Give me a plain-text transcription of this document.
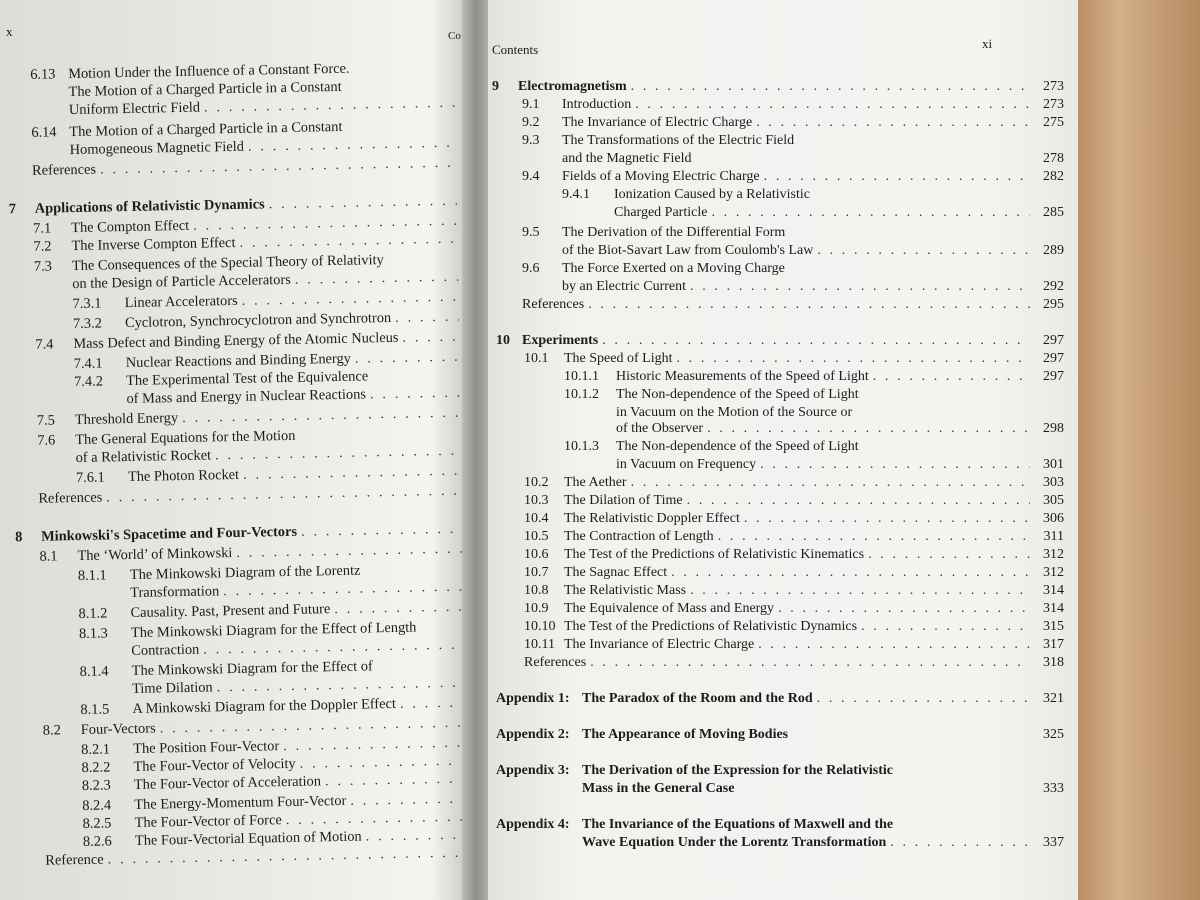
x	Co
6.13 Motion Under the Influence of a Constant Force.
The Motion of a Charged Particle in a Constant
Uniform Electric Field
. . .
6.14 The Motion of a Charged Particle in a Constant
Homogeneous Magnetic Field
. . .
References
. . .
7	Applications of Relativistic Dynamics
. . .
7.1	The Compton Effect
. . .
7.2	The Inverse Compton Effect
. . .
7.3 The Consequences of the Special Theory of Relativity
on the Design of Particle Accelerators
. . .
7.3.1	Linear Accelerators
. . .
7.3.2	Cyclotron, Synchrocyclotron and Synchrotron
. . .
7.4	Mass Defect and Binding Energy of the Atomic Nucleus
. . .
7.4.1	Nuclear Reactions and Binding Energy
. . .
7.4.2 The Experimental Test of the Equivalence
of Mass and Energy in Nuclear Reactions
. . .
7.5	Threshold Energy
. . .
7.6 The General Equations for the Motion
of a Relativistic Rocket
. . .
7.6.1	The Photon Rocket
. . .
References
. . .
8	Minkowski's Spacetime and Four-Vectors
. . .
8.1	The ‘World’ of Minkowski
. . .
8.1.1 The Minkowski Diagram of the Lorentz
Transformation
. . .
8.1.2	Causality. Past, Present and Future
. . .
8.1.3 The Minkowski Diagram for the Effect of Length
Contraction
. . .
8.1.4 The Minkowski Diagram for the Effect of
Time Dilation
. . .
8.1.5	A Minkowski Diagram for the Doppler Effect
. . .
8.2	Four-Vectors
. . .
8.2.1	The Position Four-Vector
. . .
8.2.2	The Four-Vector of Velocity
. . .
8.2.3	The Four-Vector of Acceleration
. . .
8.2.4	The Energy-Momentum Four-Vector
. . .
8.2.5	The Four-Vector of Force
. . .
8.2.6	The Four-Vectorial Equation of Motion
. . .
Reference
. . .
Contents	xi
9	Electromagnetism . . .	273
9.1	Introduction . . .	273
9.2	The Invariance of Electric Charge . . .	275
9.3 The Transformations of the Electric Field
and the Magnetic Field	278
9.4	Fields of a Moving Electric Charge . . .	282
9.4.1 Ionization Caused by a Relativistic
Charged Particle . . .	285
9.5 The Derivation of the Differential Form
of the Biot-Savart Law from Coulomb's Law . . .	289
9.6 The Force Exerted on a Moving Charge
by an Electric Current . . .	292
References . . .	295
10 Experiments . . .	297
10.1	The Speed of Light . . .	297
10.1.1	Historic Measurements of the Speed of Light . . .	297
10.1.2 The Non-dependence of the Speed of Light
in Vacuum on the Motion of the Source or
of the Observer . . .	298
10.1.3 The Non-dependence of the Speed of Light
in Vacuum on Frequency . . .	301
10.2	The Aether . . .	303
10.3	The Dilation of Time . . .	305
10.4	The Relativistic Doppler Effect . . .	306
10.5	The Contraction of Length . . .	311
10.6	The Test of the Predictions of Relativistic Kinematics . . .	312
10.7	The Sagnac Effect . . .	312
10.8	The Relativistic Mass . . .	314
10.9	The Equivalence of Mass and Energy . . .	314
10.10 The Test of the Predictions of Relativistic Dynamics . . .	315
10.11 The Invariance of Electric Charge . . .	317
References . . .	318
Appendix 1: The Paradox of the Room and the Rod . . .	321
Appendix 2: The Appearance of Moving Bodies	325
Appendix 3: The Derivation of the Expression for the Relativistic
Mass in the General Case	333
Appendix 4: The Invariance of the Equations of Maxwell and the
Wave Equation Under the Lorentz Transformation . . .	337
